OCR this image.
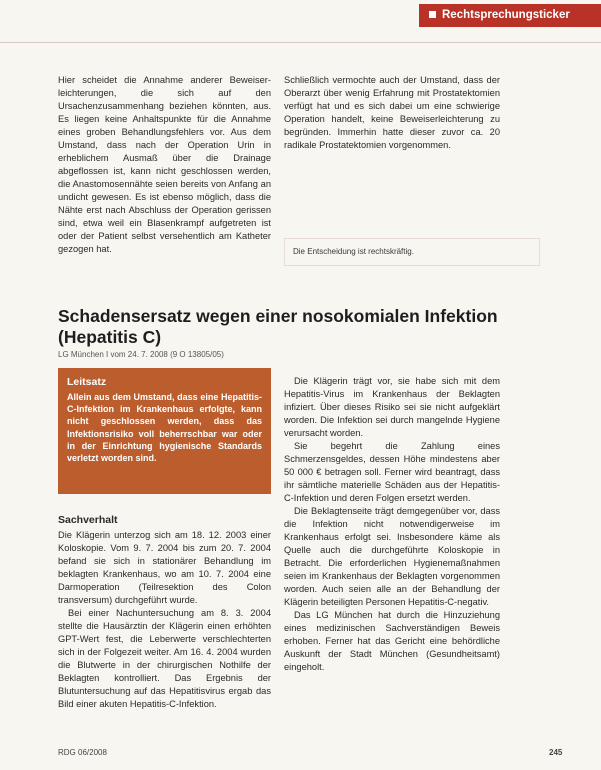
Rechtsprechungsticker

Hier scheidet die Annahme anderer Beweiser-leichterungen, die sich auf den Ursachenzusammenhang beziehen könnten, aus. Es liegen keine Anhaltspunkte für die Annahme eines groben Behandlungsfehlers vor. Aus dem Umstand, dass nach der Operation Urin in erheblichem Ausmaß über die Drainage abgeflossen ist, kann nicht geschlossen werden, die Anastomosennähte seien bereits von Anfang an undicht gewesen. Es ist ebenso möglich, dass die Nähte erst nach Abschluss der Operation gerissen sind, etwa weil ein Blasenkrampf aufgetreten ist oder der Patient selbst versehentlich am Katheter gezogen hat.

Schließlich vermochte auch der Umstand, dass der Oberarzt über wenig Erfahrung mit Prostatektomien verfügt hat und es sich dabei um eine schwierige Operation handelt, keine Beweiserleichterung zu begründen. Immerhin hatte dieser zuvor ca. 20 radikale Prostatektomien vorgenommen.

Die Entscheidung ist rechtskräftig.
Schadensersatz wegen einer nosokomialen Infektion (Hepatitis C)
LG München I vom 24. 7. 2008 (9 O 13805/05)
Leitsatz

Allein aus dem Umstand, dass eine Hepatitis-C-Infektion im Krankenhaus erfolgte, kann nicht geschlossen werden, dass das Infektionsrisiko voll beherrschbar war oder in der Einrichtung hygienische Standards verletzt worden sind.

Sachverhalt

Die Klägerin unterzog sich am 18. 12. 2003 einer Koloskopie. Vom 9. 7. 2004 bis zum 20. 7. 2004 befand sie sich in stationärer Behandlung im beklagten Krankenhaus, wo am 10. 7. 2004 eine Darmoperation (Teilresektion des Colon transversum) durchgeführt wurde.

Bei einer Nachuntersuchung am 8. 3. 2004 stellte die Hausärztin der Klägerin einen erhöhten GPT-Wert fest, die Leberwerte verschlechterten sich in der Folgezeit weiter. Am 16. 4. 2004 wurden die Blutwerte in der chirurgischen Nothilfe der Beklagten kontrolliert. Das Ergebnis der Blutuntersuchung auf das Hepatitisvirus ergab das Bild einer akuten Hepatitis-C-Infektion.

Die Klägerin trägt vor, sie habe sich mit dem Hepatitis-Virus im Krankenhaus der Beklagten infiziert. Über dieses Risiko sei sie nicht aufgeklärt worden. Die Infektion sei durch mangelnde Hygiene verursacht worden.

Sie begehrt die Zahlung eines Schmerzensgeldes, dessen Höhe mindestens aber 50 000 € betragen soll. Ferner wird beantragt, dass ihr sämtliche materielle Schäden aus der Hepatitis-C-Infektion und deren Folgen ersetzt werden.

Die Beklagtenseite trägt demgegenüber vor, dass die Infektion nicht notwendigerweise im Krankenhaus erfolgt sei. Insbesondere käme als Quelle auch die durchgeführte Koloskopie in Betracht. Die erforderlichen Hygienemaßnahmen seien im Krankenhaus der Beklagten vorgenommen worden. Auch seien alle an der Behandlung der Klägerin beteiligten Personen Hepatitis-C-negativ.

Das LG München hat durch die Hinzuziehung eines medizinischen Sachverständigen Beweis erhoben. Ferner hat das Gericht eine behördliche Auskunft der Stadt München (Gesundheitsamt) eingeholt.

RDG 06/2008	245
